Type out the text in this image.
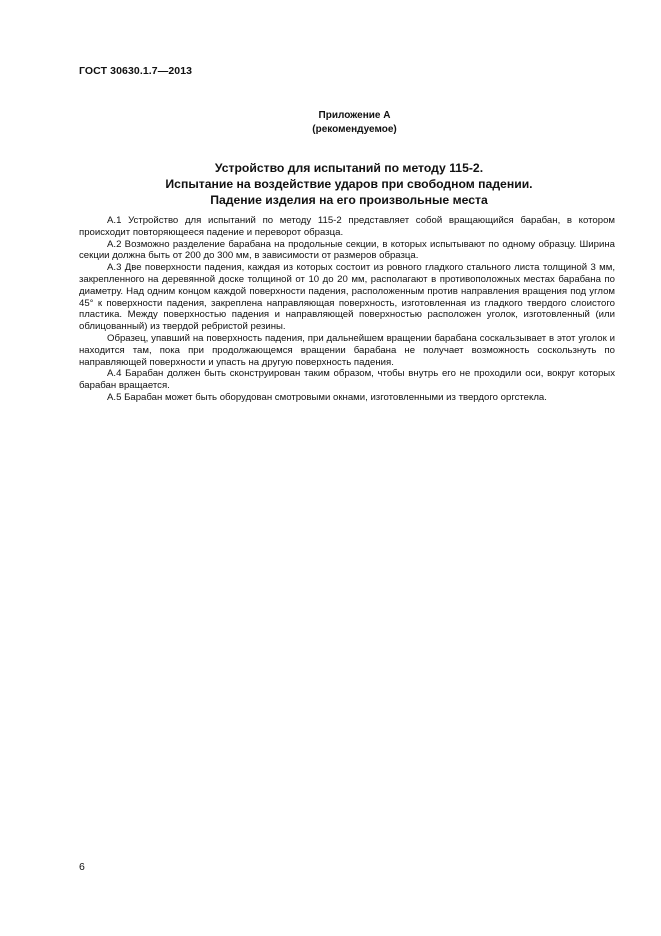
ГОСТ 30630.1.7—2013
Приложение А
(рекомендуемое)
Устройство для испытаний по методу 115-2.
Испытание на воздействие ударов при свободном падении.
Падение изделия на его произвольные места

А.1 Устройство для испытаний по методу 115-2 представляет собой вращающийся барабан, в котором происходит повторяющееся падение и переворот образца.

А.2 Возможно разделение барабана на продольные секции, в которых испытывают по одному образцу. Ширина секции должна быть от 200 до 300 мм, в зависимости от размеров образца.

А.3 Две поверхности падения, каждая из которых состоит из ровного гладкого стального листа толщиной 3 мм, закрепленного на деревянной доске толщиной от 10 до 20 мм, располагают в противоположных местах барабана по диаметру. Над одним концом каждой поверхности падения, расположенным против направления вращения под углом 45° к поверхности падения, закреплена направляющая поверхность, изготовленная из гладкого твердого слоистого пластика. Между поверхностью падения и направляющей поверхностью расположен уголок, изготовленный (или облицованный) из твердой ребристой резины.

Образец, упавший на поверхность падения, при дальнейшем вращении барабана соскальзывает в этот уголок и находится там, пока при продолжающемся вращении барабана не получает возможность соскользнуть по направляющей поверхности и упасть на другую поверхность падения.

А.4 Барабан должен быть сконструирован таким образом, чтобы внутрь его не проходили оси, вокруг которых барабан вращается.

А.5 Барабан может быть оборудован смотровыми окнами, изготовленными из твердого оргстекла.

6
